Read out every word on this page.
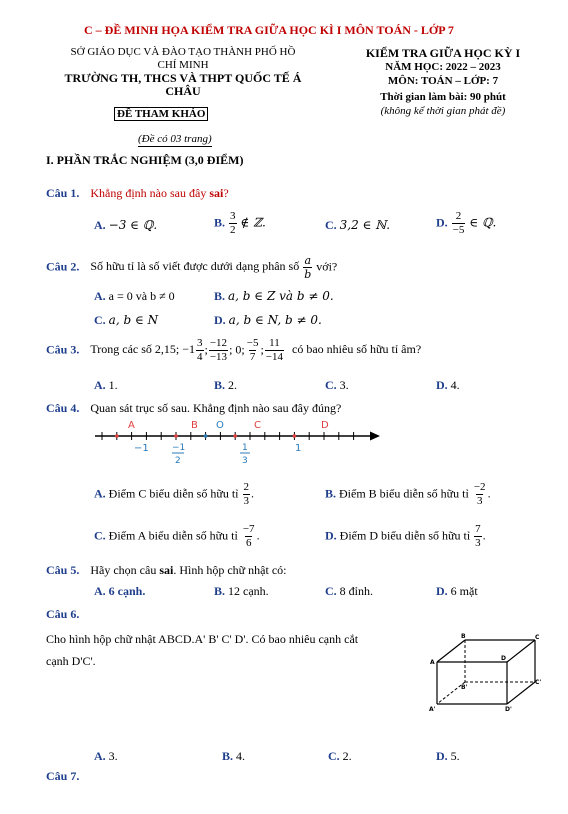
C – ĐỀ MINH HỌA KIỂM TRA GIỮA HỌC KÌ I MÔN TOÁN - LỚP 7
SỞ GIÁO DỤC VÀ ĐÀO TẠO THÀNH PHỐ HỒ
CHÍ MINH
TRƯỜNG TH, THCS VÀ THPT QUỐC TẾ Á
CHÂU
ĐỀ THAM KHẢO
(Đề có 03 trang)
KIỂM TRA GIỮA HỌC KỲ I
NĂM HỌC: 2022 – 2023
MÔN: TOÁN – LỚP: 7
Thời gian làm bài: 90 phút
(không kể thời gian phát đề)
I. PHẦN TRẮC NGHIỆM (3,0 ĐIỂM)
Câu 1. Khẳng định nào sau đây sai?
A. −3 ∈ ℚ.	B. $\frac{3}{2}$ ∉ ℤ.	C. 3,2 ∈ ℕ.	D. $\frac{2}{-5}$ ∈ ℚ.
Câu 2. Số hữu tỉ là số viết được dưới dạng phân số $\frac{a}{b}$ với?
A. a = 0 và b ≠ 0	B. a, b ∈ Z và b ≠ 0.
C. a, b ∈ N	D. a, b ∈ N, b ≠ 0.
Câu 3. Trong các số 2,15; $-1 \frac{3}{4}$ ; $\frac{-12}{-13}$ ; 0; $\frac{-5}{7}$ ; $\frac{11}{-14}$ có bao nhiêu số hữu tỉ âm?
A. 1.	B. 2.	C. 3.	D. 4.
Câu 4. Quan sát trục số sau. Khẳng định nào sau đây đúng?
A	B O	C	D
−1	−1
2
1
3
1
A. Điểm C biểu diễn số hữu tỉ $\frac{2}{3}$ .	B. Điểm B biểu diễn số hữu tỉ $\frac{-2}{3}$ .
C. Điểm A biểu diễn số hữu tỉ $\frac{-7}{6}$ .	D. Điểm D biểu diễn số hữu tỉ $\frac{7}{3}$ .
Câu 5. Hãy chọn câu sai. Hình hộp chữ nhật có:
A. 6 cạnh.	B. 12 cạnh.	C. 8 đỉnh.	D. 6 mặt
Câu 6.
Cho hình hộp chữ nhật ABCD.A' B' C' D'. Có bao nhiêu cạnh cắt
cạnh D'C'.
B	C
A
D
B'
C'
A'	D'
A. 3.	B. 4.	C. 2.	D. 5.
Câu 7.
